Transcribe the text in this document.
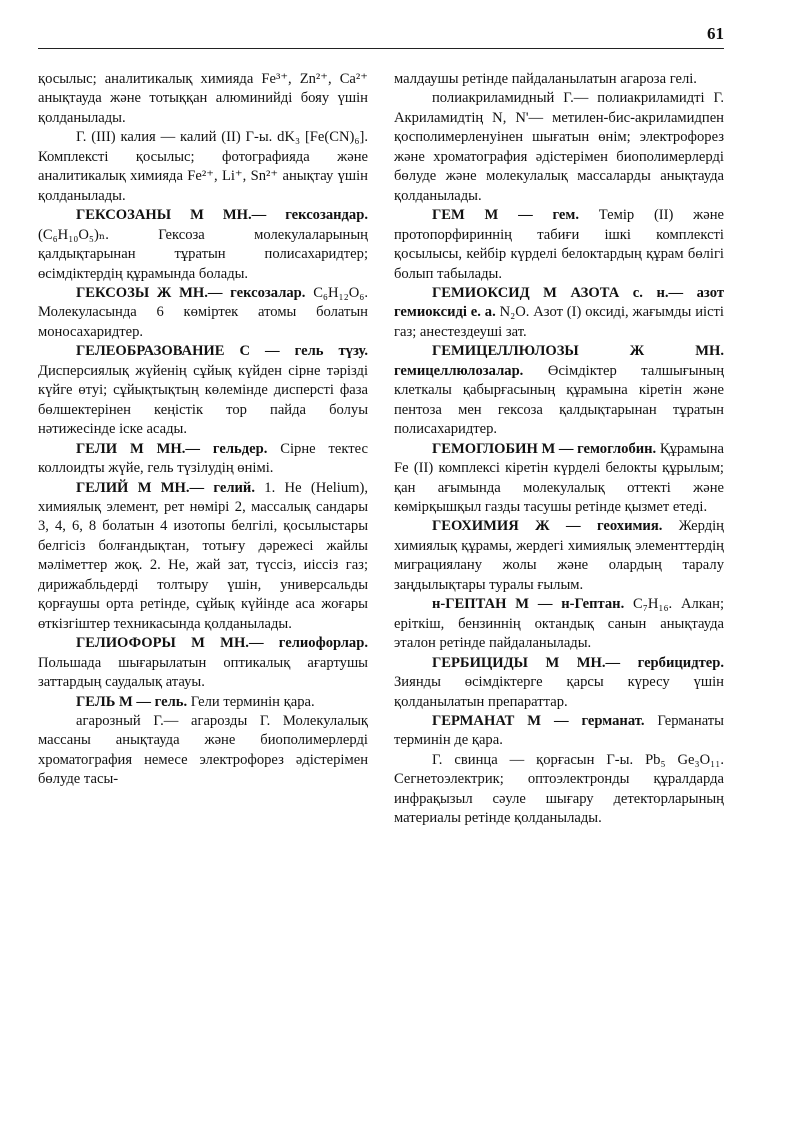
61

қосылыс; аналитикалық химияда Fe³⁺, Zn²⁺, Ca²⁺ анықтауда және тотыққан алюминийді бояу үшін қолданылады.

Г. (III) калия — калий (II) Г-ы. dK₃ [Fe(CN)₆]. Комплексті қосылыс; фотографияда және аналитикалық химияда Fe²⁺, Li⁺, Sn²⁺ анықтау үшін қолданылады.

ГЕКСОЗАНЫ М МН.— гексозандар. (C₆H₁₀O₅)ₙ. Гексоза молекулаларының қалдықтарынан тұратын полисахаридтер; өсімдіктердің құрамында болады.

ГЕКСОЗЫ Ж МН.— гексозалар. C₆H₁₂O₆. Молекуласында 6 көміртек атомы болатын моносахаридтер.

ГЕЛЕОБРАЗОВАНИЕ С — гель түзу. Дисперсиялық жүйенің сұйық күйден сірне тәрізді күйге өтуі; сұйықтықтың көлемінде дисперсті фаза бөлшектерінен кеңістік тор пайда болуы нәтижесінде іске асады.

ГЕЛИ М МН.— гельдер. Сірне тектес коллоидты жүйе, гель түзілудің өнімі.

ГЕЛИЙ М МН.— гелий. 1. Не (Helium), химиялық элемент, рет нөмірі 2, массалық сандары 3, 4, 6, 8 болатын 4 изотопы белгілі, қосылыстары белгісіз болғандықтан, тотығу дәрежесі жайлы мәліметтер жоқ. 2. Не, жай зат, түссіз, иіссіз газ; дирижабльдерді толтыру үшін, универсальды қорғаушы орта ретінде, сұйық күйінде аса жоғары өткізгіштер техникасында қолданылады.

ГЕЛИОФОРЫ М МН.— гелиофорлар. Польшада шығарылатын оптикалық ағартушы заттардың саудалық атауы.

ГЕЛЬ М — гель. Гели терминін қара.

агарозный Г.— агарозды Г. Молекулалық массаны анықтауда және биополимерлерді хроматография немесе электрофорез әдістерімен бөлуде тасы-

малдаушы ретінде пайдаланылатын агароза гелі.

полиакриламидный Г.— полиакриламидті Г. Акриламидтің N, N'— метилен-бис-акриламидпен қосполимерленуінен шығатын өнім; электрофорез және хроматография әдістерімен биополимерлерді бөлуде және молекулалық массаларды анықтауда қолданылады.

ГЕМ М — гем. Темір (II) және протопорфириннің табиғи ішкі комплексті қосылысы, кейбір күрделі белоктардың құрам бөлігі болып табылады.

ГЕМИОКСИД М АЗОТА с. н.— азот гемиоксиді е. а. N₂O. Азот (I) оксиді, жағымды иісті газ; анестездеуші зат.

ГЕМИЦЕЛЛЮЛОЗЫ Ж МН. гемицеллюлозалар. Өсімдіктер талшығының клеткалы қабырғасының құрамына кіретін және пентоза мен гексоза қалдықтарынан тұратын полисахаридтер.

ГЕМОГЛОБИН М — гемоглобин. Құрамына Fe (II) комплексі кіретін күрделі белокты құрылым; қан ағымында молекулалық оттекті және көмірқышқыл газды тасушы ретінде қызмет етеді.

ГЕОХИМИЯ Ж — геохимия. Жердің химиялық құрамы, жердегі химиялық элементтердің миграциялану жолы және олардың таралу заңдылықтары туралы ғылым.

н-ГЕПТАН М — н-Гептан. C₇H₁₆. Алкан; еріткіш, бензиннің октандық санын анықтауда эталон ретінде пайдаланылады.

ГЕРБИЦИДЫ М МН.— гербицидтер. Зиянды өсімдіктерге қарсы күресу үшін қолданылатын препараттар.

ГЕРМАНАТ М — германат. Германаты терминін де қара.

Г. свинца — қорғасын Г-ы. Pb₅ Ge₃O₁₁. Сегнетоэлектрик; оптоэлектронды құралдарда инфрақызыл сәуле шығару детекторларының материалы ретінде қолданылады.
